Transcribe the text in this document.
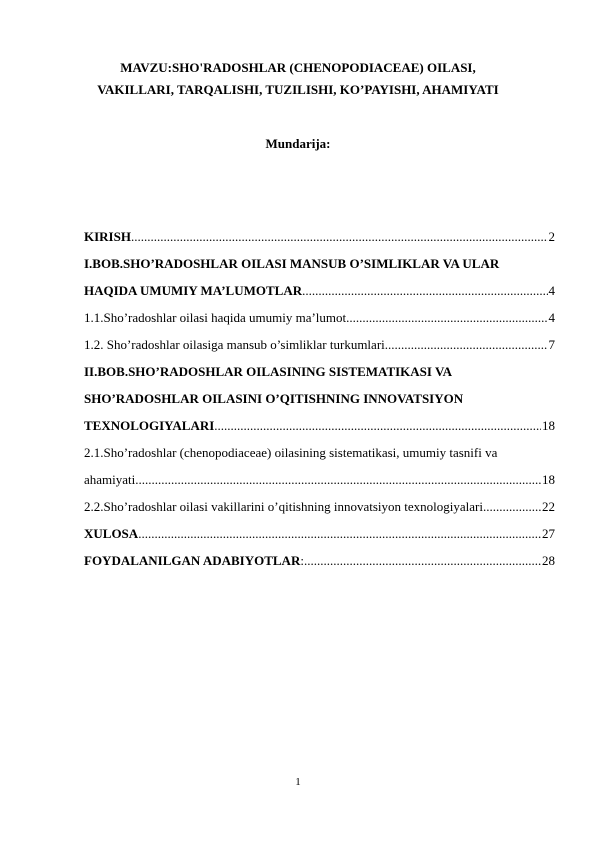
MAVZU:SHO'RADOSHLAR (CHENOPODIACEAE) OILASI,
VAKILLARI, TARQALISHI, TUZILISHI, KO’PAYISHI, AHAMIYATI
Mundarija:
KIRISH .....	2
I.BOB.SHO’RADOSHLAR OILASI MANSUB O’SIMLIKLAR VA ULAR
HAQIDA UMUMIY MA’LUMOTLAR .....	4
1.1.Sho’radoshlar oilasi haqida umumiy ma’lumot .....	4
1.2. Sho’radoshlar oilasiga mansub o’simliklar turkumlari .....	7
II.BOB.SHO’RADOSHLAR OILASINING SISTEMATIKASI VA
SHO’RADOSHLAR OILASINI O’QITISHNING INNOVATSIYON
TEXNOLOGIYALARI .....	18
2.1.Sho’radoshlar (chenopodiaceae) oilasining sistematikasi, umumiy tasnifi va
ahamiyati .....	18
2.2.Sho’radoshlar oilasi vakillarini o’qitishning innovatsiyon texnologiyalari .....	22
XULOSA .....	27
FOYDALANILGAN ADABIYOTLAR : .....	28
1
